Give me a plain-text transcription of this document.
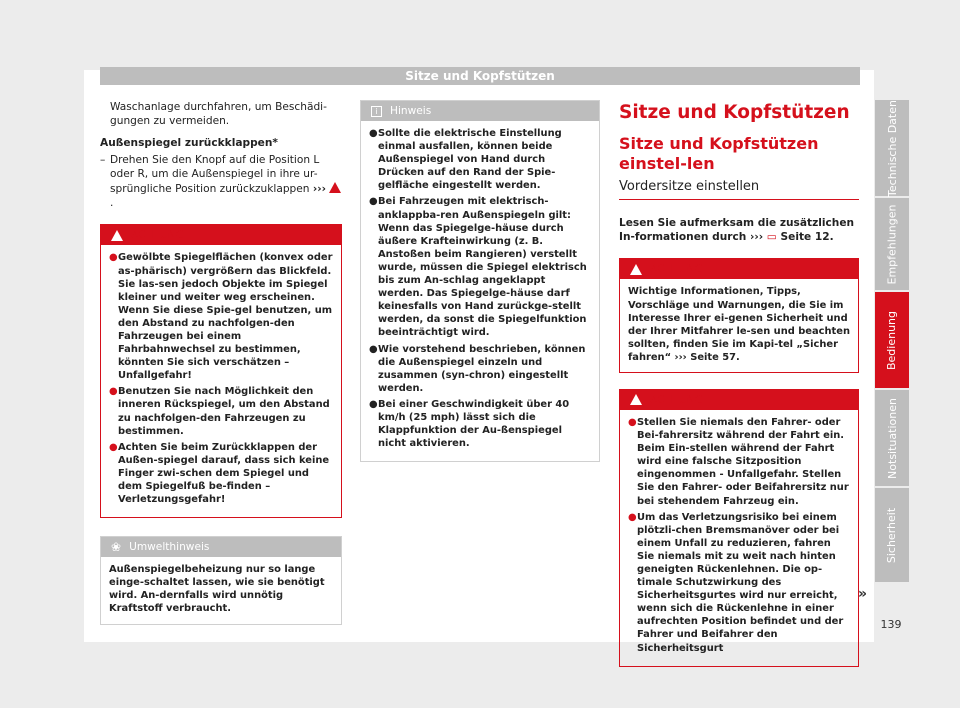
Sitze und Kopfstützen

Waschanlage durchfahren, um Beschädi-gungen zu vermeiden.

Außenspiegel zurückklappen*

– Drehen Sie den Knopf auf die Position L oder R, um die Außenspiegel in ihre ur-sprüngliche Position zurückzuklappen ››› .
ACHTUNG
● Gewölbte Spiegelflächen (konvex oder as-phärisch) vergrößern das Blickfeld. Sie las-sen jedoch Objekte im Spiegel kleiner und weiter weg erscheinen. Wenn Sie diese Spie-gel benutzen, um den Abstand zu nachfolgen-den Fahrzeugen bei einem Fahrbahnwechsel zu bestimmen, könnten Sie sich verschätzen – Unfallgefahr!
● Benutzen Sie nach Möglichkeit den inneren Rückspiegel, um den Abstand zu nachfolgen-den Fahrzeugen zu bestimmen.
● Achten Sie beim Zurückklappen der Außen-spiegel darauf, dass sich keine Finger zwi-schen dem Spiegel und dem Spiegelfuß be-finden – Verletzungsgefahr!
❀ Umwelthinweis

Außenspiegelbeheizung nur so lange einge-schaltet lassen, wie sie benötigt wird. An-dernfalls wird unnötig Kraftstoff verbraucht.

i	Hinweis
● Sollte die elektrische Einstellung einmal ausfallen, können beide Außenspiegel von Hand durch Drücken auf den Rand der Spie-gelfläche eingestellt werden.
● Bei Fahrzeugen mit elektrisch-anklappba-ren Außenspiegeln gilt: Wenn das Spiegelge-häuse durch äußere Krafteinwirkung (z. B. Anstoßen beim Rangieren) verstellt wurde, müssen die Spiegel elektrisch bis zum An-schlag angeklappt werden. Das Spiegelge-häuse darf keinesfalls von Hand zurückge-stellt werden, da sonst die Spiegelfunktion beeinträchtigt wird.
● Wie vorstehend beschrieben, können die Außenspiegel einzeln und zusammen (syn-chron) eingestellt werden.
● Bei einer Geschwindigkeit über 40 km/h (25 mph) lässt sich die Klappfunktion der Au-ßenspiegel nicht aktivieren.
Sitze und Kopfstützen
Sitze und Kopfstützen einstel-len
Vordersitze einstellen

Lesen Sie aufmerksam die zusätzlichen In-formationen durch ››› ▭ Seite 12.

ACHTUNG

Wichtige Informationen, Tipps, Vorschläge und Warnungen, die Sie im Interesse Ihrer ei-genen Sicherheit und der Ihrer Mitfahrer le-sen und beachten sollten, finden Sie im Kapi-tel „Sicher fahren“ ››› Seite 57.

ACHTUNG
● Stellen Sie niemals den Fahrer- oder Bei-fahrersitz während der Fahrt ein. Beim Ein-stellen während der Fahrt wird eine falsche Sitzposition eingenommen - Unfallgefahr. Stellen Sie den Fahrer- oder Beifahrersitz nur bei stehendem Fahrzeug ein.
● Um das Verletzungsrisiko bei einem plötzli-chen Bremsmanöver oder bei einem Unfall zu reduzieren, fahren Sie niemals mit zu weit nach hinten geneigten Rückenlehnen. Die op-timale Schutzwirkung des Sicherheitsgurtes wird nur erreicht, wenn sich die Rückenlehne in einer aufrechten Position befindet und der Fahrer und Beifahrer den Sicherheitsgurt
»
Technische Daten
Empfehlungen
Bedienung
Notsituationen
Sicherheit
139
